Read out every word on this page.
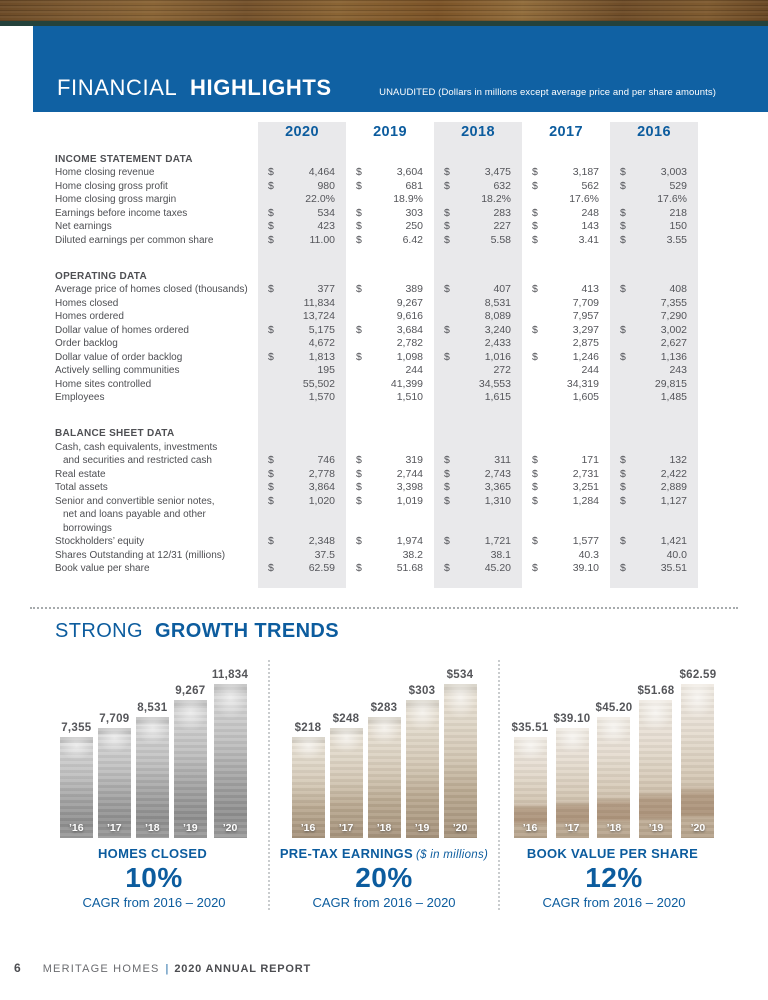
FINANCIAL HIGHLIGHTS	UNAUDITED (Dollars in millions except average price and per share amounts)
2020	2019	2018	2017	2016
INCOME STATEMENT DATA
Home closing revenue	$	4,464 $	3,604 $	3,475 $	3,187 $	3,003
Home closing gross profit	$	980 $	681 $	632 $	562 $	529
Home closing gross margin	22.0%	18.9%	18.2%	17.6%	17.6%
Earnings before income taxes	$	534 $	303 $	283 $	248 $	218
Net earnings	$	423 $	250 $	227 $	143 $	150
Diluted earnings per common share	$	11.00 $	6.42 $	5.58 $	3.41 $	3.55
OPERATING DATA
Average price of homes closed (thousands)	$	377 $	389 $	407 $	413 $	408
Homes closed	11,834	9,267	8,531	7,709	7,355
Homes ordered	13,724	9,616	8,089	7,957	7,290
Dollar value of homes ordered	$	5,175 $	3,684 $	3,240 $	3,297 $	3,002
Order backlog	4,672	2,782	2,433	2,875	2,627
Dollar value of order backlog	$	1,813 $	1,098 $	1,016 $	1,246 $	1,136
Actively selling communities	195	244	272	244	243
Home sites controlled	55,502	41,399	34,553	34,319	29,815
Employees	1,570	1,510	1,615	1,605	1,485
BALANCE SHEET DATA
Cash, cash equivalents, investments
and securities and restricted cash	$	746 $	319 $	311 $	171 $	132
Real estate	$	2,778 $	2,744 $	2,743 $	2,731 $	2,422
Total assets	$	3,864 $	3,398 $	3,365 $	3,251 $	2,889
Senior and convertible senior notes,
net and loans payable and other
borrowings
$	1,020 $	1,019 $	1,310 $	1,284 $	1,127
Stockholders’ equity	$	2,348 $	1,974 $	1,721 $	1,577 $	1,421
Shares Outstanding at 12/31 (millions)	37.5	38.2	38.1	40.3	40.0
Book value per share	$	62.59 $	51.68 $	45.20 $	39.10 $	35.51
STRONG GROWTH TRENDS
7,355
’16
7,709
’17
8,531
’18
9,267
’19
11,834
’20
HOMES CLOSED
10%
CAGR from 2016 – 2020
$218
’16
$248
’17
$283
’18
$303
’19
$534
’20
PRE-TAX EARNINGS ($ in millions)
20%
CAGR from 2016 – 2020
$35.51
’16
$39.10
’17
$45.20
’18
$51.68
’19
$62.59
’20
BOOK VALUE PER SHARE
12%
CAGR from 2016 – 2020
6 MERITAGE HOMES | 2020 ANNUAL REPORT
